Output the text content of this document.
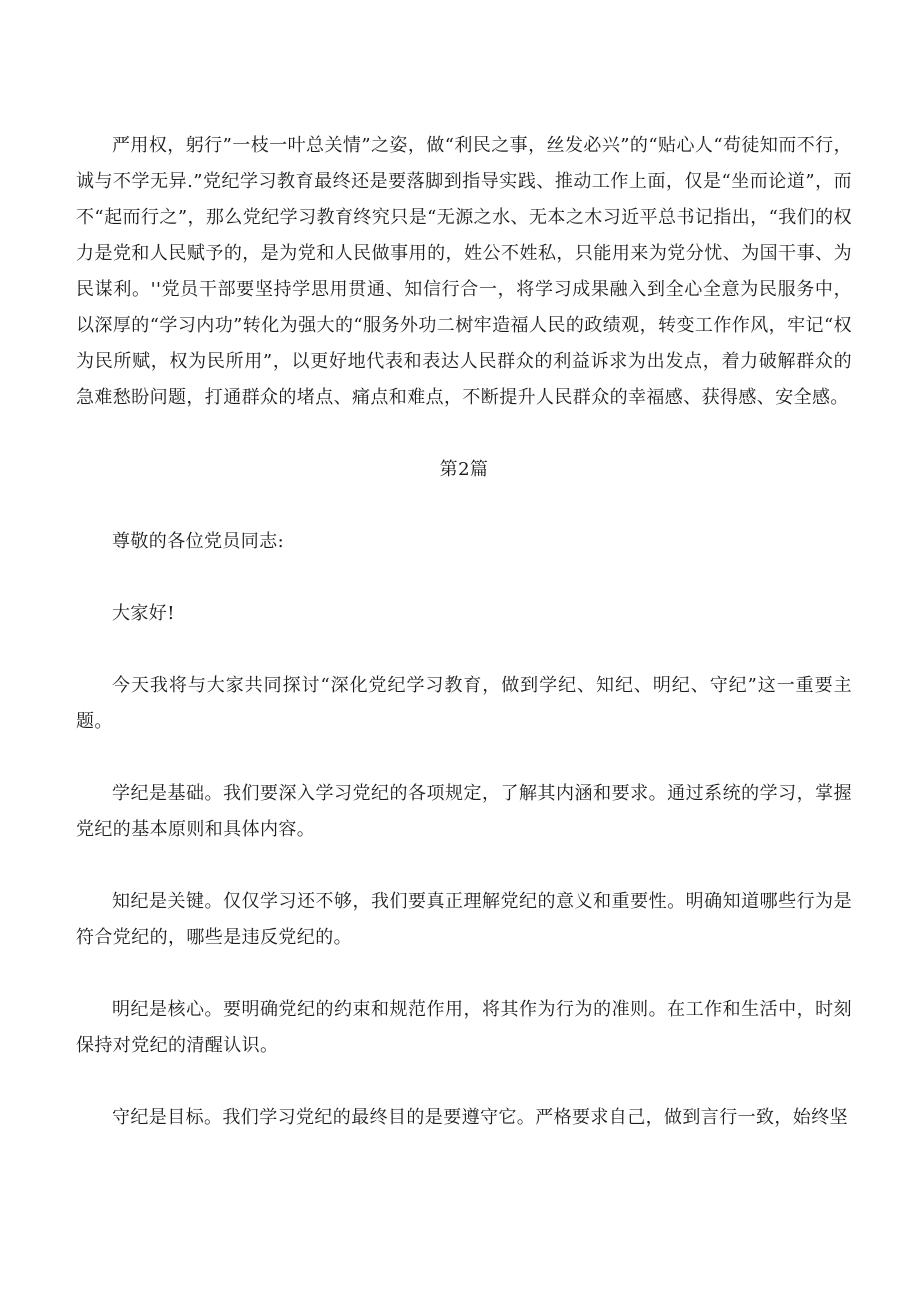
严用权，躬行”一枝一叶总关情”之姿，做“利民之事，丝发必兴”的“贴心人“苟徒知而不行，诚与不学无异.”党纪学习教育最终还是要落脚到指导实践、推动工作上面，仅是“坐而论道”，而不“起而行之”，那么党纪学习教育终究只是“无源之水、无本之木习近平总书记指出，“我们的权力是党和人民赋予的，是为党和人民做事用的，姓公不姓私，只能用来为党分忧、为国干事、为民谋利。''党员干部要坚持学思用贯通、知信行合一，将学习成果融入到全心全意为民服务中，以深厚的“学习内功”转化为强大的“服务外功二树牢造福人民的政绩观，转变工作作风，牢记“权为民所赋，权为民所用”，以更好地代表和表达人民群众的利益诉求为出发点，着力破解群众的急难愁盼问题，打通群众的堵点、痛点和难点，不断提升人民群众的幸福感、获得感、安全感。

第2篇

尊敬的各位党员同志:

大家好!

今天我将与大家共同探讨“深化党纪学习教育，做到学纪、知纪、明纪、守纪”这一重要主题。

学纪是基础。我们要深入学习党纪的各项规定，了解其内涵和要求。通过系统的学习，掌握党纪的基本原则和具体内容。

知纪是关键。仅仅学习还不够，我们要真正理解党纪的意义和重要性。明确知道哪些行为是符合党纪的，哪些是违反党纪的。

明纪是核心。要明确党纪的约束和规范作用，将其作为行为的准则。在工作和生活中，时刻保持对党纪的清醒认识。

守纪是目标。我们学习党纪的最终目的是要遵守它。严格要求自己，做到言行一致，始终坚
